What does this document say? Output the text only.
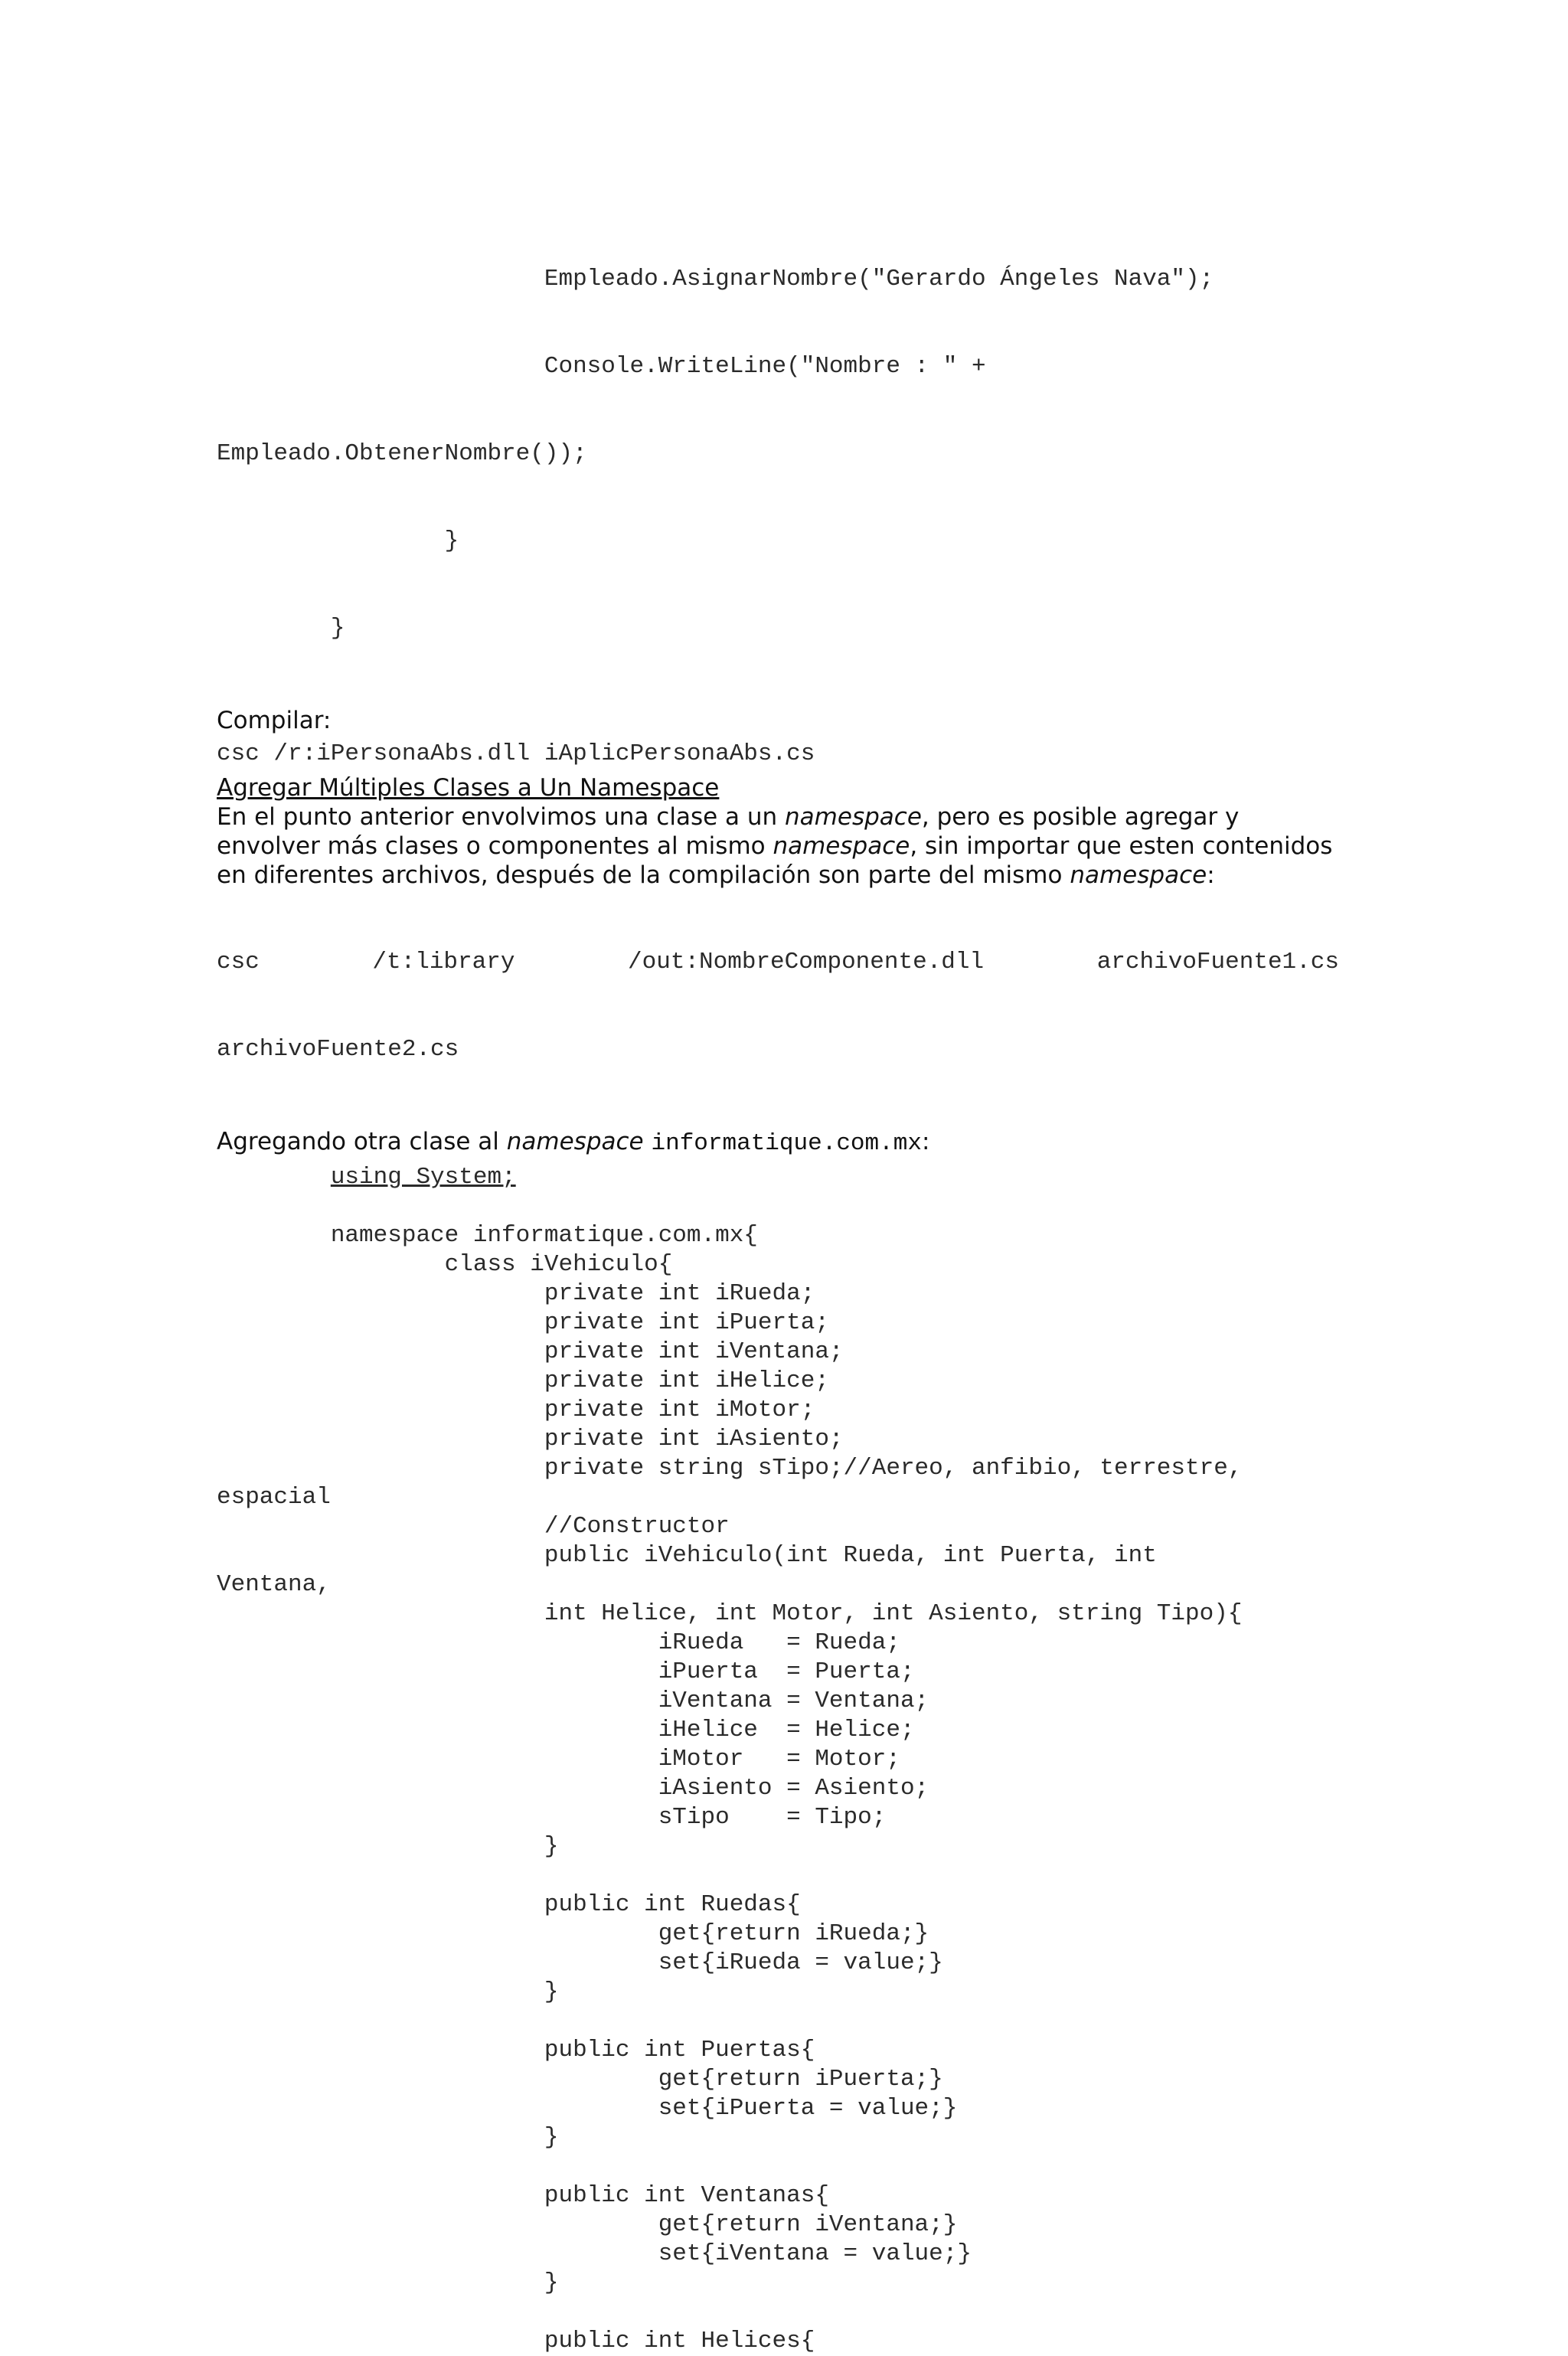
Empleado.AsignarNombre("Gerardo Ángeles Nava");

Console.WriteLine("Nombre : " +

Empleado.ObtenerNombre());

}

}

Compilar:

csc /r:iPersonaAbs.dll iAplicPersonaAbs.cs

Agregar Múltiples Clases a Un Namespace

En el punto anterior envolvimos una clase a un namespace, pero es posible agregar y envolver más clases o componentes al mismo namespace, sin importar que esten contenidos en diferentes archivos, después de la compilación son parte del mismo namespace:

csc	/t:library	/out:NombreComponente.dll	archivoFuente1.cs

archivoFuente2.cs

Agregando otra clase al namespace informatique.com.mx:

using System;

namespace informatique.com.mx{
class iVehiculo{
private int iRueda;
private int iPuerta;
private int iVentana;
private int iHelice;
private int iMotor;
private int iAsiento;
private string sTipo;//Aereo, anfibio, terrestre,
espacial
//Constructor
public iVehiculo(int Rueda, int Puerta, int
Ventana,
int Helice, int Motor, int Asiento, string Tipo){
iRueda   = Rueda;
iPuerta  = Puerta;
iVentana = Ventana;
iHelice  = Helice;
iMotor   = Motor;
iAsiento = Asiento;
sTipo    = Tipo;
}

public int Ruedas{
get{return iRueda;}
set{iRueda = value;}
}

public int Puertas{
get{return iPuerta;}
set{iPuerta = value;}
}

public int Ventanas{
get{return iVentana;}
set{iVentana = value;}
}

public int Helices{
